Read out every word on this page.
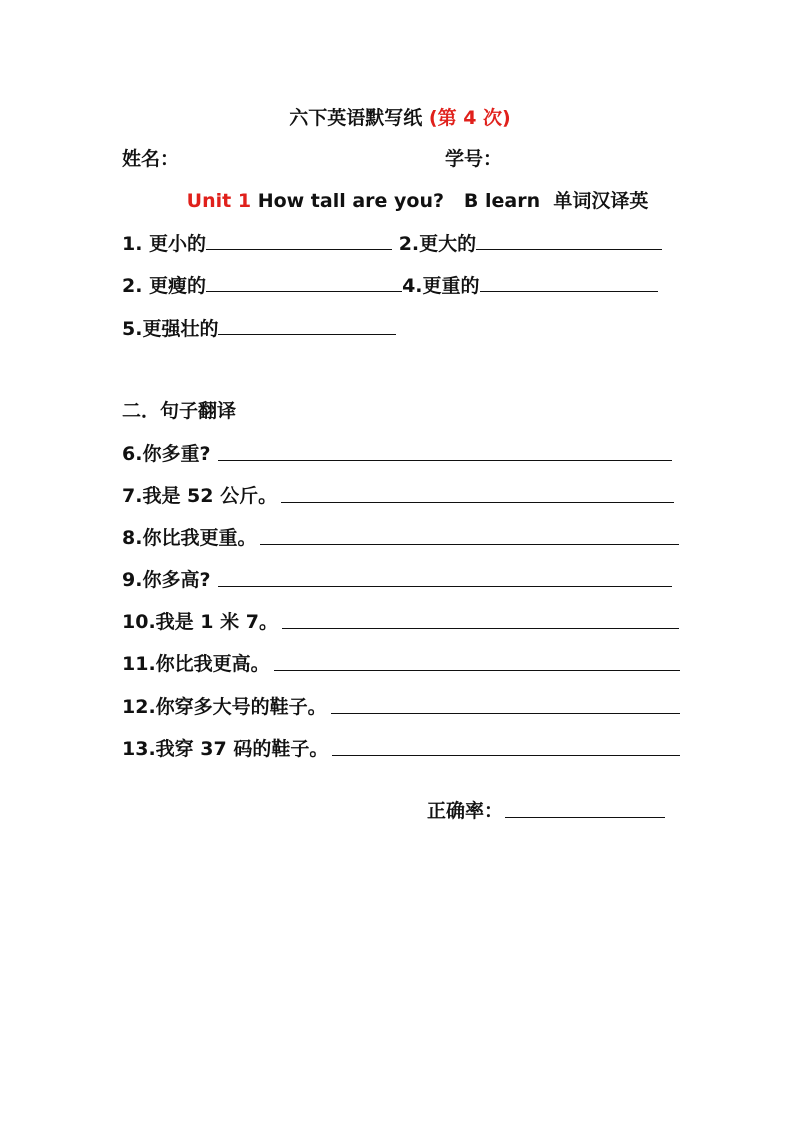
六下英语默写纸 (第 4 次)
姓名：	学号：
Unit 1 How tall are you?   B learn  单词汉译英
1. 更小的	2.更大的
2. 更瘦的	4.更重的
5.更强壮的
二．句子翻译
6.你多重?
7.我是 52 公斤。
8.你比我更重。
9.你多高?
10.我是 1 米 7。
11.你比我更高。
12.你穿多大号的鞋子。
13.我穿 37 码的鞋子。
正确率：
